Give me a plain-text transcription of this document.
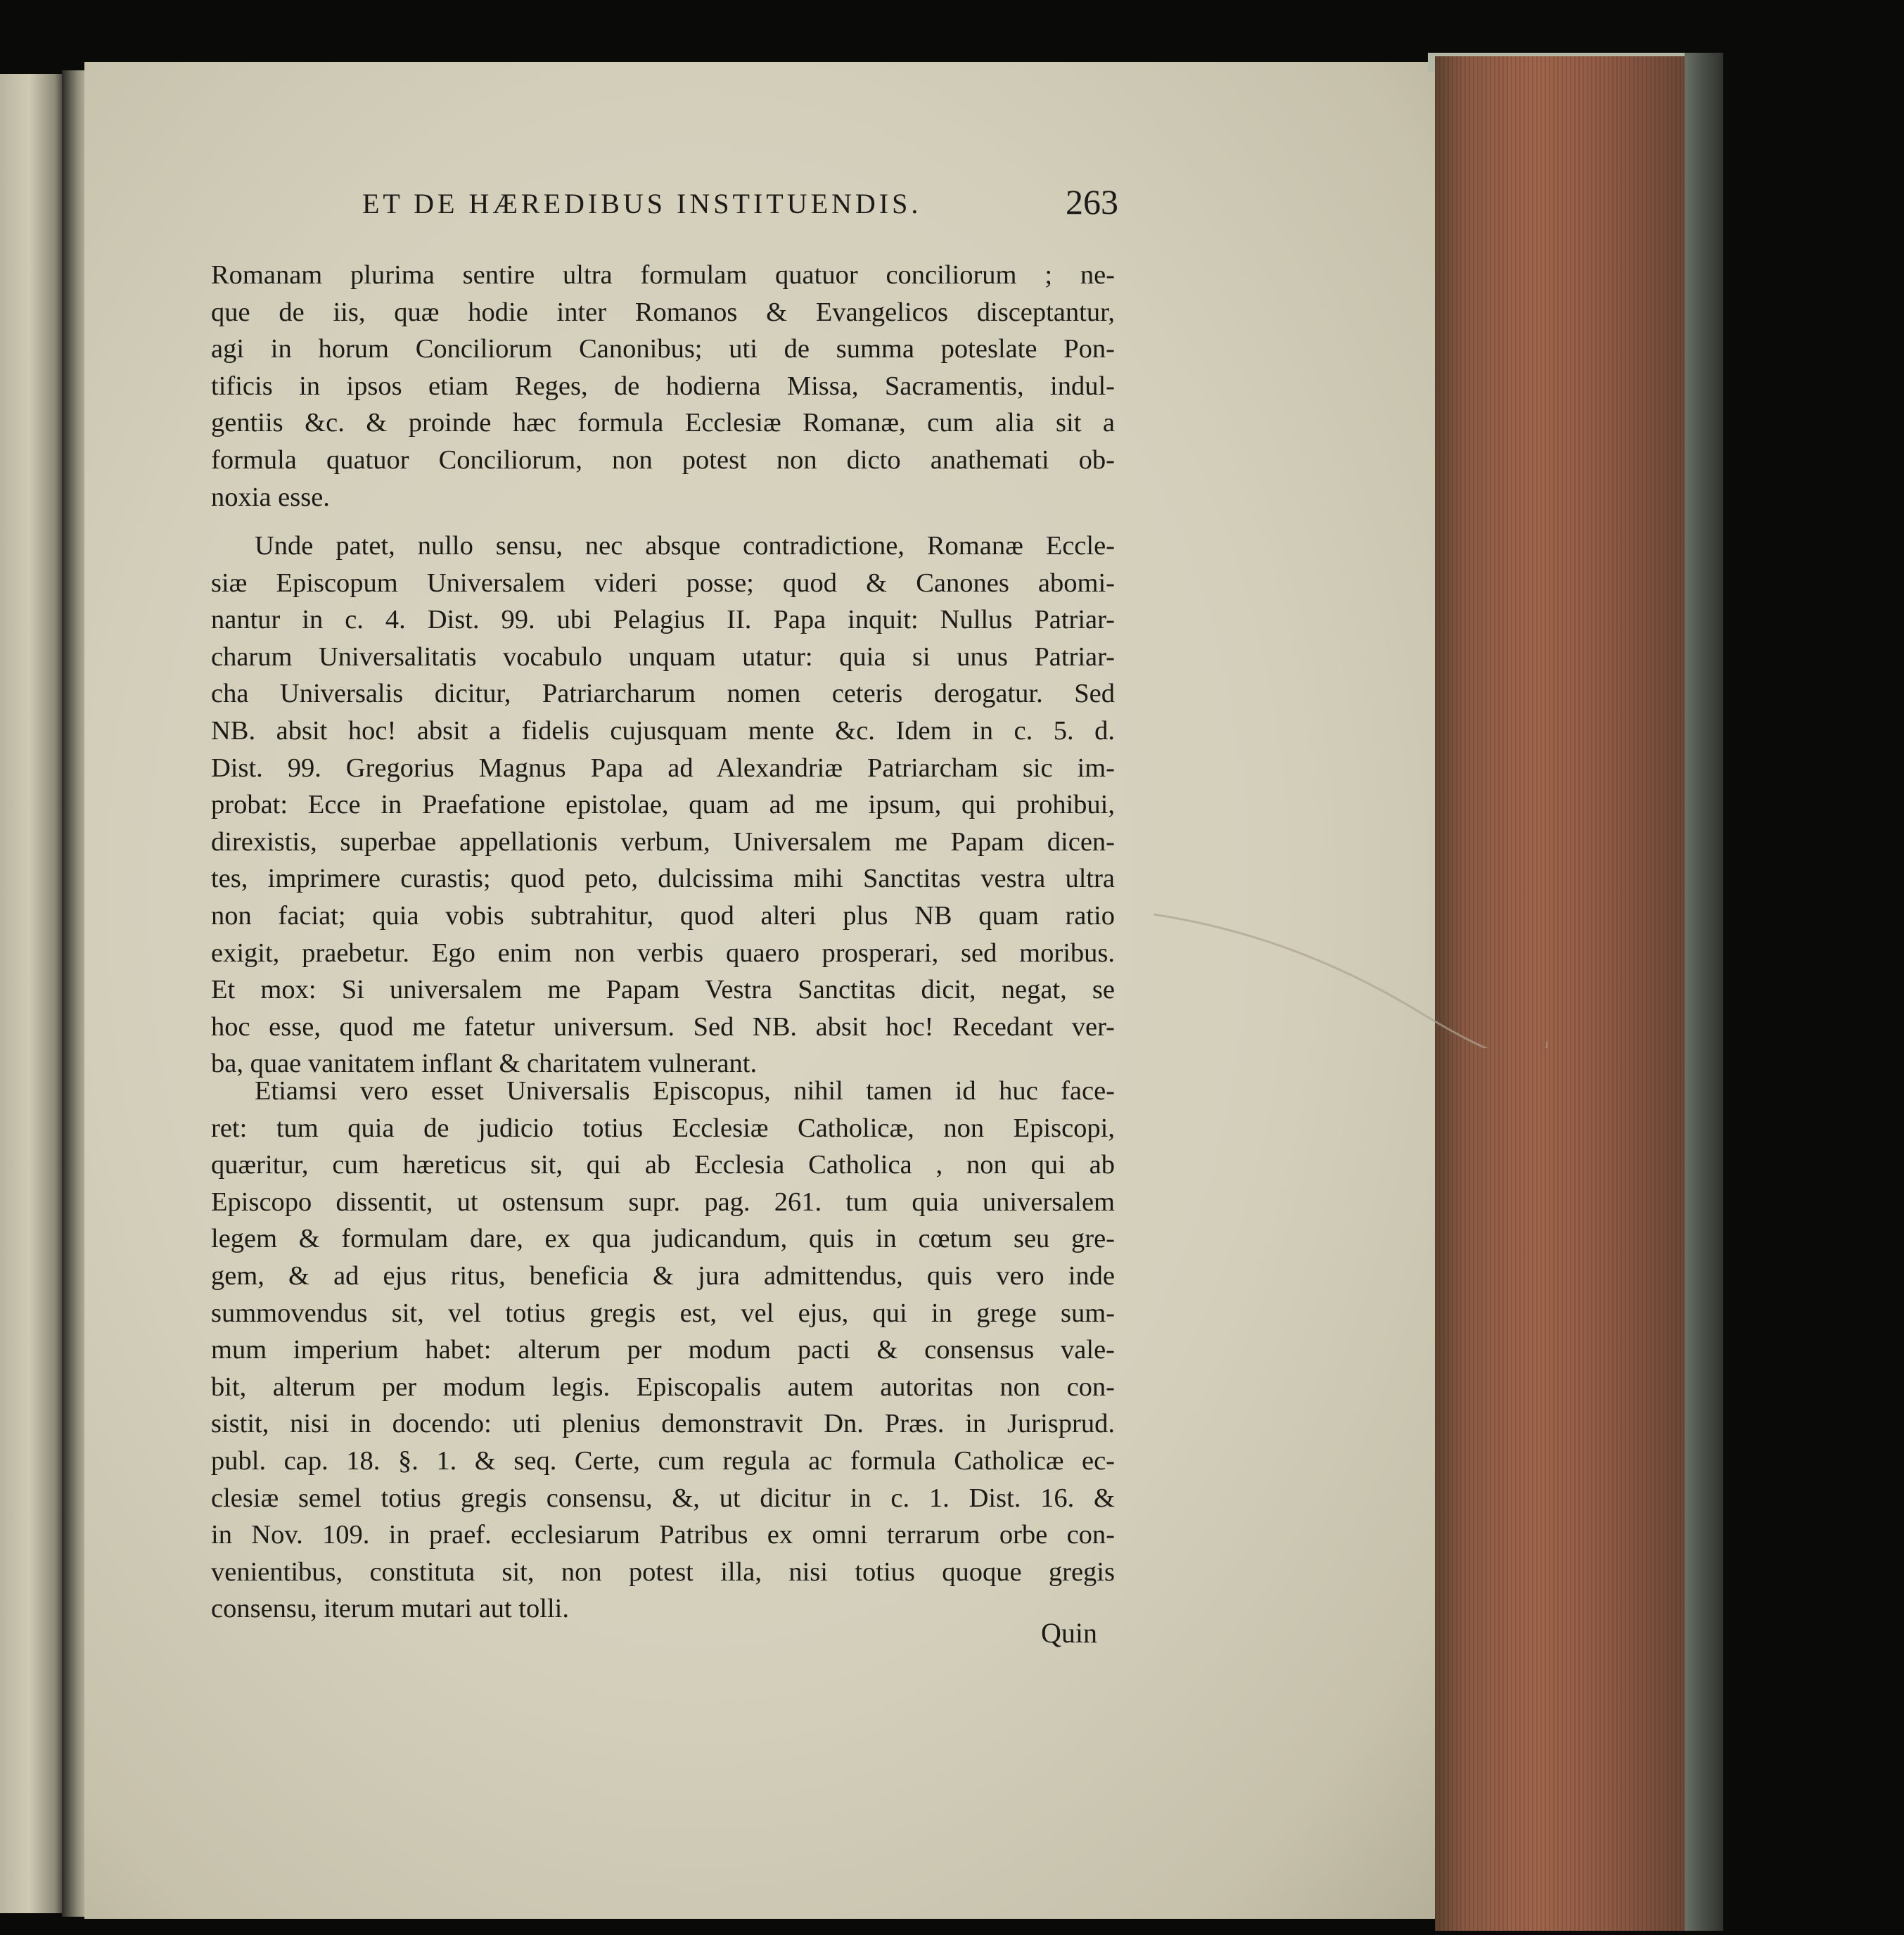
ET DE HÆREDIBUS INSTITUENDIS.	263
Romanam plurima sentire ultra formulam quatuor conciliorum ; ne-
que de iis, quæ hodie inter Romanos & Evangelicos disceptantur,
agi in horum Conciliorum Canonibus; uti de summa poteslate Pon-
tificis in ipsos etiam Reges, de hodierna Missa, Sacramentis, indul-
gentiis &c. & proinde hæc formula Ecclesiæ Romanæ, cum alia sit a
formula quatuor Conciliorum, non potest non dicto anathemati ob-
noxia esse.
Unde patet, nullo sensu, nec absque contradictione, Romanæ Eccle-
siæ Episcopum Universalem videri posse; quod & Canones abomi-
nantur in c. 4. Dist. 99. ubi Pelagius II. Papa inquit: Nullus Patriar-
charum Universalitatis vocabulo unquam utatur: quia si unus Patriar-
cha Universalis dicitur, Patriarcharum nomen ceteris derogatur. Sed
NB. absit hoc! absit a fidelis cujusquam mente &c. Idem in c. 5. d.
Dist. 99. Gregorius Magnus Papa ad Alexandriæ Patriarcham sic im-
probat: Ecce in Praefatione epistolae, quam ad me ipsum, qui prohibui,
direxistis, superbae appellationis verbum, Universalem me Papam dicen-
tes, imprimere curastis; quod peto, dulcissima mihi Sanctitas vestra ultra
non faciat; quia vobis subtrahitur, quod alteri plus NB quam ratio
exigit, praebetur. Ego enim non verbis quaero prosperari, sed moribus.
Et mox: Si universalem me Papam Vestra Sanctitas dicit, negat, se
hoc esse, quod me fatetur universum. Sed NB. absit hoc! Recedant ver-
ba, quae vanitatem inflant & charitatem vulnerant.
Etiamsi vero esset Universalis Episcopus, nihil tamen id huc face-
ret: tum quia de judicio totius Ecclesiæ Catholicæ, non Episcopi,
quæritur, cum hæreticus sit, qui ab Ecclesia Catholica , non qui ab
Episcopo dissentit, ut ostensum supr. pag. 261. tum quia universalem
legem & formulam dare, ex qua judicandum, quis in cœtum seu gre-
gem, & ad ejus ritus, beneficia & jura admittendus, quis vero inde
summovendus sit, vel totius gregis est, vel ejus, qui in grege sum-
mum imperium habet: alterum per modum pacti & consensus vale-
bit, alterum per modum legis. Episcopalis autem autoritas non con-
sistit, nisi in docendo: uti plenius demonstravit Dn. Præs. in Jurisprud.
publ. cap. 18. §. 1. & seq. Certe, cum regula ac formula Catholicæ ec-
clesiæ semel totius gregis consensu, &, ut dicitur in c. 1. Dist. 16. &
in Nov. 109. in praef. ecclesiarum Patribus ex omni terrarum orbe con-
venientibus, constituta sit, non potest illa, nisi totius quoque gregis
consensu, iterum mutari aut tolli.
Quin
